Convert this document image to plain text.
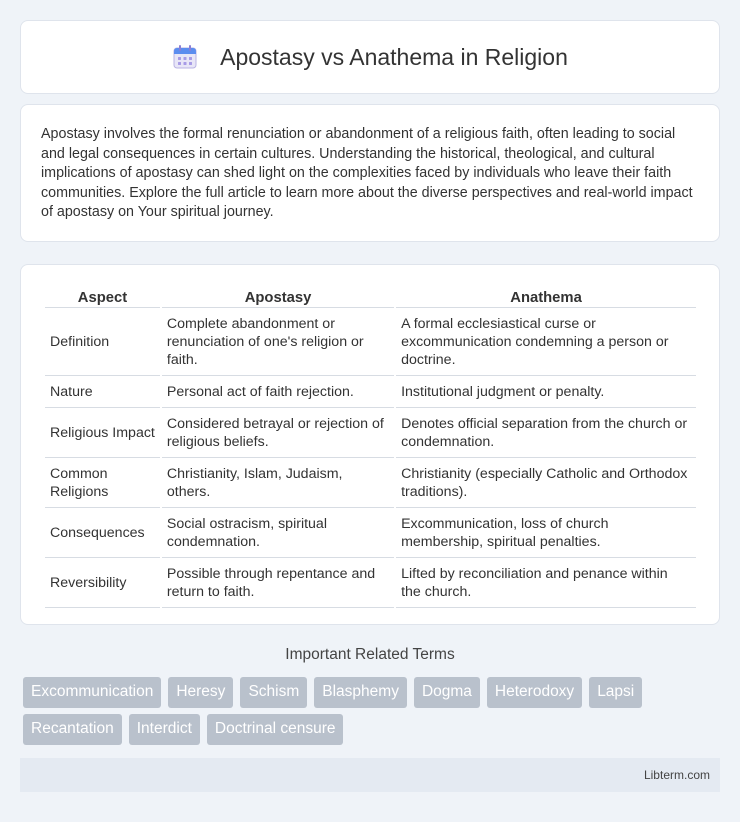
Apostasy vs Anathema in Religion

Apostasy involves the formal renunciation or abandonment of a religious faith, often leading to social and legal consequences in certain cultures. Understanding the historical, theological, and cultural implications of apostasy can shed light on the complexities faced by individuals who leave their faith communities. Explore the full article to learn more about the diverse perspectives and real-world impact of apostasy on Your spiritual journey.

Aspect	Apostasy	Anathema
Definition	Complete abandonment or renunciation of one's religion or faith.	A formal ecclesiastical curse or excommunication condemning a person or doctrine.
Nature	Personal act of faith rejection.	Institutional judgment or penalty.
Religious Impact	Considered betrayal or rejection of religious beliefs.	Denotes official separation from the church or condemnation.
Common Religions	Christianity, Islam, Judaism, others.	Christianity (especially Catholic and Orthodox traditions).
Consequences	Social ostracism, spiritual condemnation.	Excommunication, loss of church membership, spiritual penalties.
Reversibility	Possible through repentance and return to faith.	Lifted by reconciliation and penance within the church.
Important Related Terms
Excommunication	Heresy	Schism	Blasphemy	Dogma	Heterodoxy	Lapsi
Recantation	Interdict	Doctrinal censure
Libterm.com
